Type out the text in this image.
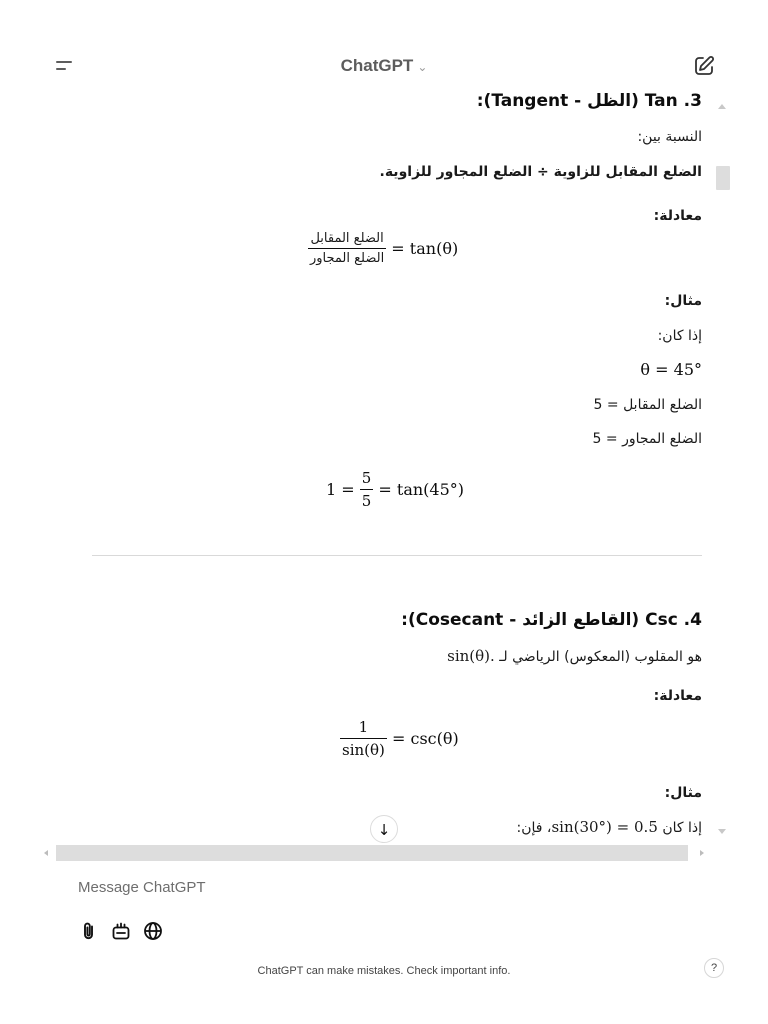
ChatGPT ⌄
3. Tan (الظل - Tangent):
النسبة بين:
الضلع المقابل للزاوية ÷ الضلع المجاور للزاوية.
معادلة:
$\frac{\text{الضلع المقابل}}{\text{الضلع المجاور}} \tan(\theta)$ =
مثال:
إذا كان:
θ = 45°
الضلع المقابل = 5
الضلع المجاور = 5
$1 = \frac{5}{5} = \tan(45^\circ)$
4. Csc (القاطع الزائد - Cosecant):
هو المقلوب (المعكوس) الرياضي لـ sin(θ).
معادلة:
$\frac{1}{\sin(\theta)} \csc(\theta)$ =
مثال:
إذا كان sin(30°) = 0.5، فإن:
↓
Message ChatGPT
ChatGPT can make mistakes. Check important info.	?
